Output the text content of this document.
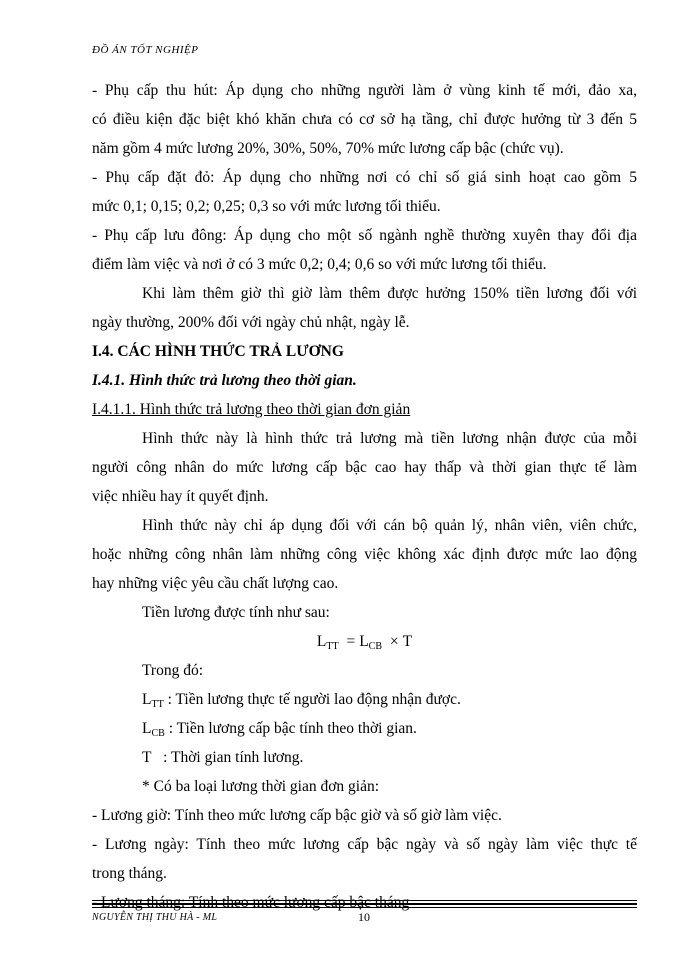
ĐỒ ÁN TỐT NGHIỆP
- Phụ cấp thu hút: Áp dụng cho những người làm ở vùng kinh tế mới, đảo xa,
có điều kiện đặc biệt khó khăn chưa có cơ sở hạ tầng, chỉ được hưởng từ 3 đến 5
năm gồm 4 mức lương 20%, 30%, 50%, 70% mức lương cấp bậc (chức vụ).
- Phụ cấp đặt đỏ: Áp dụng cho những nơi có chỉ số giá sinh hoạt cao gồm 5
mức 0,1; 0,15; 0,2; 0,25; 0,3 so với mức lương tối thiểu.
- Phụ cấp lưu đông: Áp dụng cho một số ngành nghề thường xuyên thay đổi địa
điểm làm việc và nơi ở có 3 mức 0,2; 0,4; 0,6 so với mức lương tối thiểu.
Khi làm thêm giờ thì giờ làm thêm được hưởng 150% tiền lương đối với
ngày thường, 200% đối với ngày chủ nhật, ngày lễ.
I.4. CÁC HÌNH THỨC TRẢ LƯƠNG
I.4.1. Hình thức trả lương theo thời gian.
I.4.1.1. Hình thức trả lương theo thời gian đơn giản
Hình thức này là hình thức trả lương mà tiền lương nhận được của mỗi
người công nhân do mức lương cấp bậc cao hay thấp và thời gian thực tế làm
việc nhiều hay ít quyết định.
Hình thức này chỉ áp dụng đối với cán bộ quản lý, nhân viên, viên chức,
hoặc những công nhân làm những công việc không xác định được mức lao động
hay những việc yêu cầu chất lượng cao.
Tiền lương được tính như sau:
$L_{TT} = L_{CB} \times T$
Trong đó:
$L_{TT}$ : Tiền lương thực tế người lao động nhận được.
$L_{CB}$ : Tiền lương cấp bậc tính theo thời gian.
T : Thời gian tính lương.
* Có ba loại lương thời gian đơn giản:
- Lương giờ: Tính theo mức lương cấp bậc giờ và số giờ làm việc.
- Lương ngày: Tính theo mức lương cấp bậc ngày và số ngày làm việc thực tế
trong tháng.
- Lương tháng: Tính theo mức lương cấp bậc tháng
NGUYỄN THỊ THU HÀ - ML	10
